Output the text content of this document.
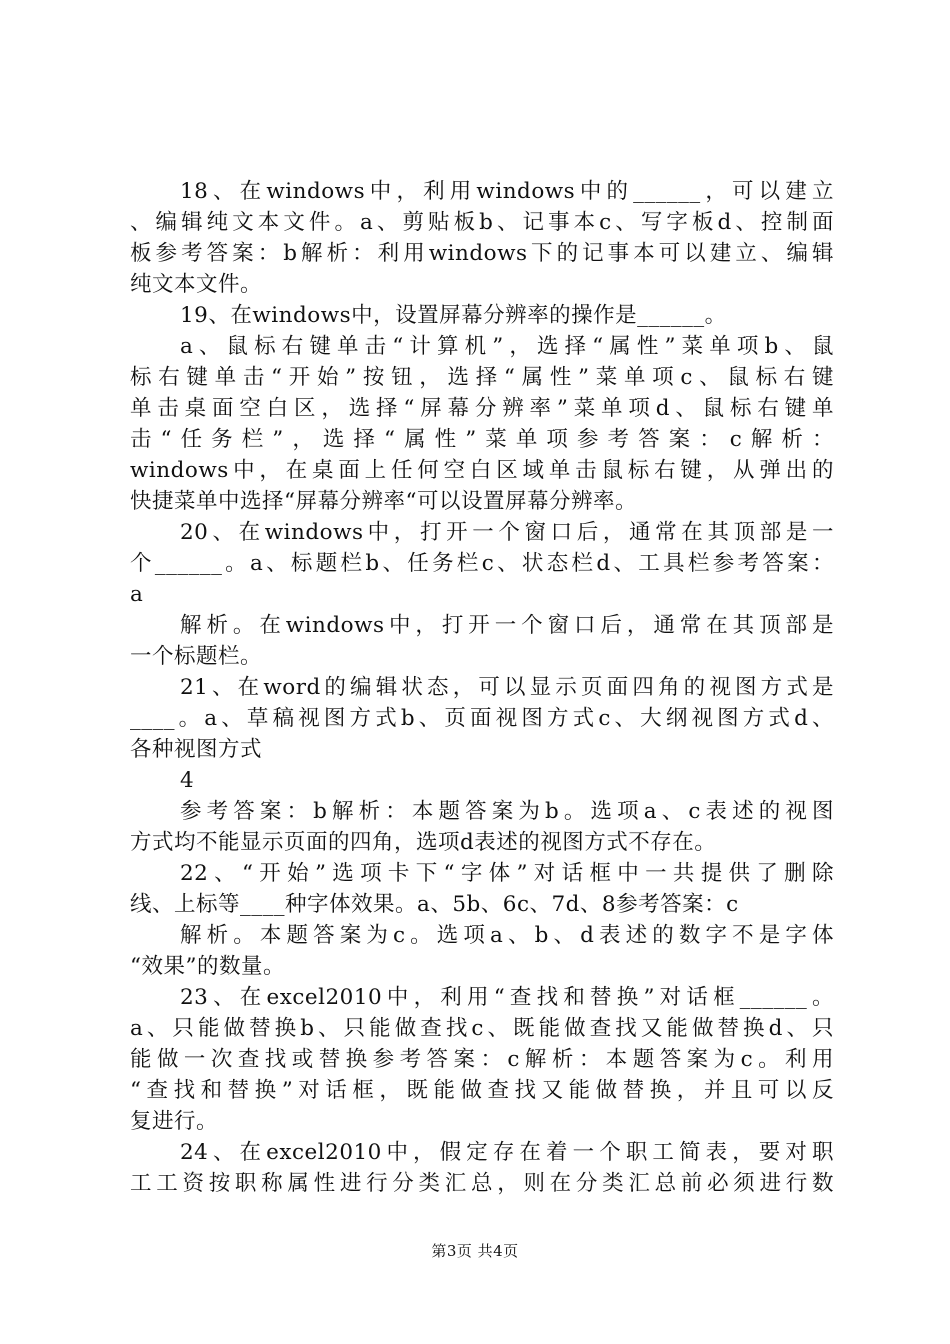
18、在windows中，利用windows中的______，可以建立
、编辑纯文本文件。a、剪贴板b、记事本c、写字板d、控制面
板参考答案：b解析：利用windows下的记事本可以建立、编辑
纯文本文件。
19、在windows中，设置屏幕分辨率的操作是______。
a、鼠标右键单击“计算机”，选择“属性”菜单项b、鼠
标右键单击“开始”按钮，选择“属性”菜单项c、鼠标右键
单击桌面空白区，选择“屏幕分辨率”菜单项d、鼠标右键单
击“任务栏”，选择“属性”菜单项参考答案：c解析：
windows中，在桌面上任何空白区域单击鼠标右键，从弹出的
快捷菜单中选择“屏幕分辨率“可以设置屏幕分辨率。
20、在windows中，打开一个窗口后，通常在其顶部是一
个______。a、标题栏b、任务栏c、状态栏d、工具栏参考答案：
a
解析。在windows中，打开一个窗口后，通常在其顶部是
一个标题栏。
21、在word的编辑状态，可以显示页面四角的视图方式是
____。a、草稿视图方式b、页面视图方式c、大纲视图方式d、
各种视图方式
4
参考答案：b解析：本题答案为b。选项a、c表述的视图
方式均不能显示页面的四角，选项d表述的视图方式不存在。
22、“开始”选项卡下“字体”对话框中一共提供了删除
线、上标等____种字体效果。a、5b、6c、7d、8参考答案：c
解析。本题答案为c。选项a、b、d表述的数字不是字体
“效果”的数量。
23、在excel2010中，利用“查找和替换”对话框______。
a、只能做替换b、只能做查找c、既能做查找又能做替换d、只
能做一次查找或替换参考答案：c解析：本题答案为c。利用
“查找和替换”对话框，既能做查找又能做替换，并且可以反
复进行。
24、在excel2010中，假定存在着一个职工简表，要对职
工工资按职称属性进行分类汇总，则在分类汇总前必须进行数
第3页 共4页
